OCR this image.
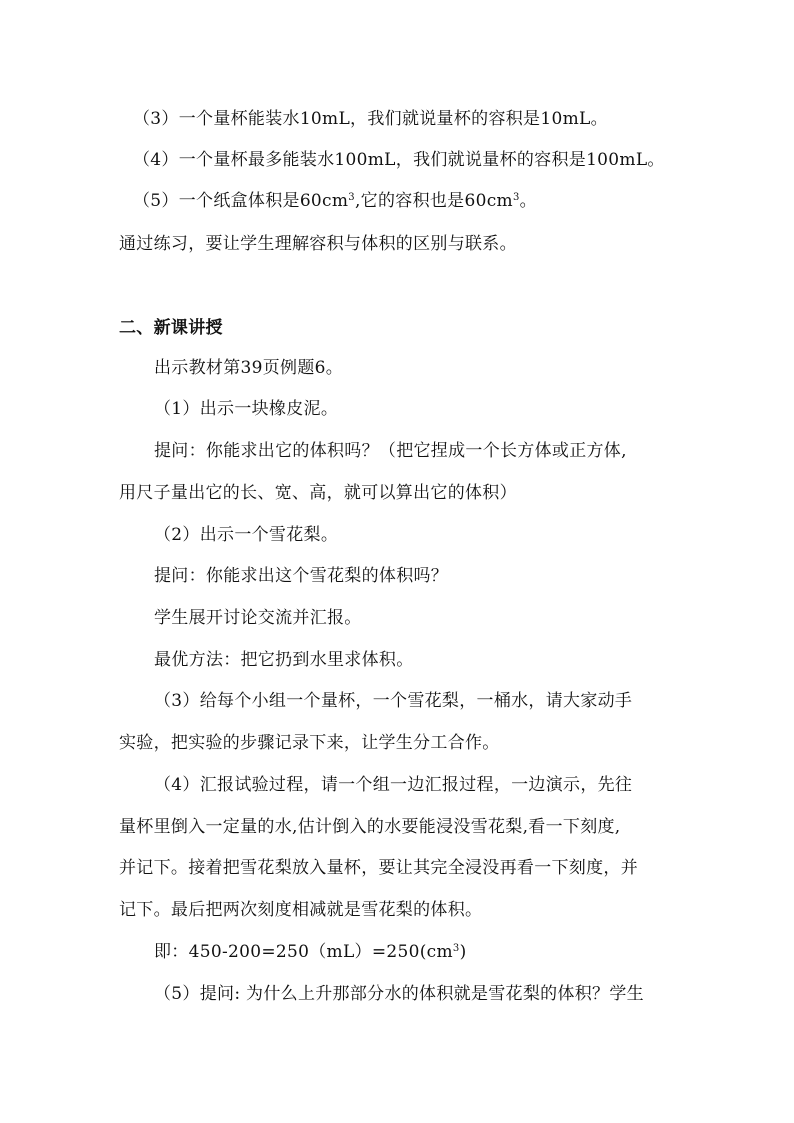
（3）一个量杯能装水10mL，我们就说量杯的容积是10mL。
（4）一个量杯最多能装水100mL，我们就说量杯的容积是100mL。
（5）一个纸盒体积是$60cm^3$,它的容积也是$60cm^3$。
通过练习，要让学生理解容积与体积的区别与联系。
二、新课讲授
出示教材第39页例题6。
（1）出示一块橡皮泥。
提问：你能求出它的体积吗？（把它捏成一个长方体或正方体,
用尺子量出它的长、宽、高，就可以算出它的体积）
（2）出示一个雪花梨。
提问：你能求出这个雪花梨的体积吗？
学生展开讨论交流并汇报。
最优方法：把它扔到水里求体积。
（3）给每个小组一个量杯，一个雪花梨，一桶水，请大家动手
实验，把实验的步骤记录下来，让学生分工合作。
（4）汇报试验过程，请一个组一边汇报过程，一边演示，先往
量杯里倒入一定量的水,估计倒入的水要能浸没雪花梨,看一下刻度,
并记下。接着把雪花梨放入量杯，要让其完全浸没再看一下刻度，并
记下。最后把两次刻度相减就是雪花梨的体积。
即：$450-200=250(mL)=250(cm^3)$
（5）提问: 为什么上升那部分水的体积就是雪花梨的体积？学生
